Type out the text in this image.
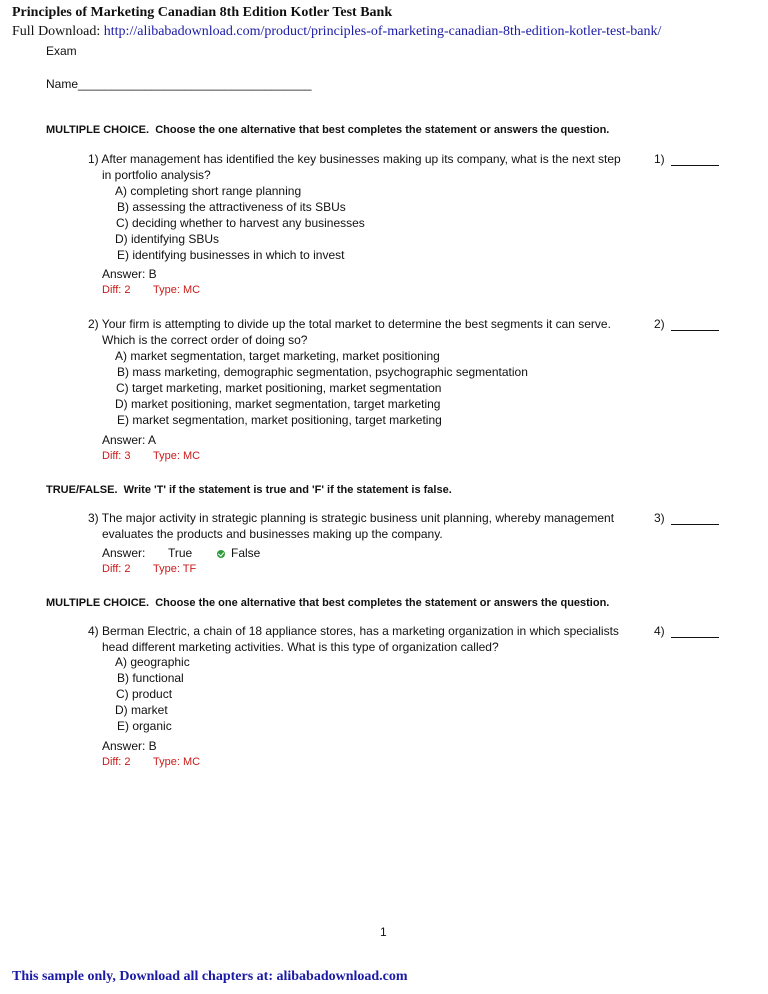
Principles of Marketing Canadian 8th Edition Kotler Test Bank
Full Download: http://alibabadownload.com/product/principles-of-marketing-canadian-8th-edition-kotler-test-bank/
Exam
Name___________________________________
MULTIPLE CHOICE. Choose the one alternative that best completes the statement or answers the question.
1) After management has identified the key businesses making up its company, what is the next step
in portfolio analysis?
1)
A) completing short range planning
B) assessing the attractiveness of its SBUs
C) deciding whether to harvest any businesses
D) identifying SBUs
E) identifying businesses in which to invest
Answer: B
Diff: 2 Type: MC
2) Your firm is attempting to divide up the total market to determine the best segments it can serve.
Which is the correct order of doing so?
2)
A) market segmentation, target marketing, market positioning
B) mass marketing, demographic segmentation, psychographic segmentation
C) target marketing, market positioning, market segmentation
D) market positioning, market segmentation, target marketing
E) market segmentation, market positioning, target marketing
Answer: A
Diff: 3 Type: MC
TRUE/FALSE. Write 'T' if the statement is true and 'F' if the statement is false.
3) The major activity in strategic planning is strategic business unit planning, whereby management
evaluates the products and businesses making up the company.
3)
Answer: True	False
Diff: 2 Type: TF
MULTIPLE CHOICE. Choose the one alternative that best completes the statement or answers the question.
4) Berman Electric, a chain of 18 appliance stores, has a marketing organization in which specialists
head different marketing activities. What is this type of organization called?
4)
A) geographic
B) functional
C) product
D) market
E) organic
Answer: B
Diff: 2 Type: MC
1
This sample only, Download all chapters at: alibabadownload.com
